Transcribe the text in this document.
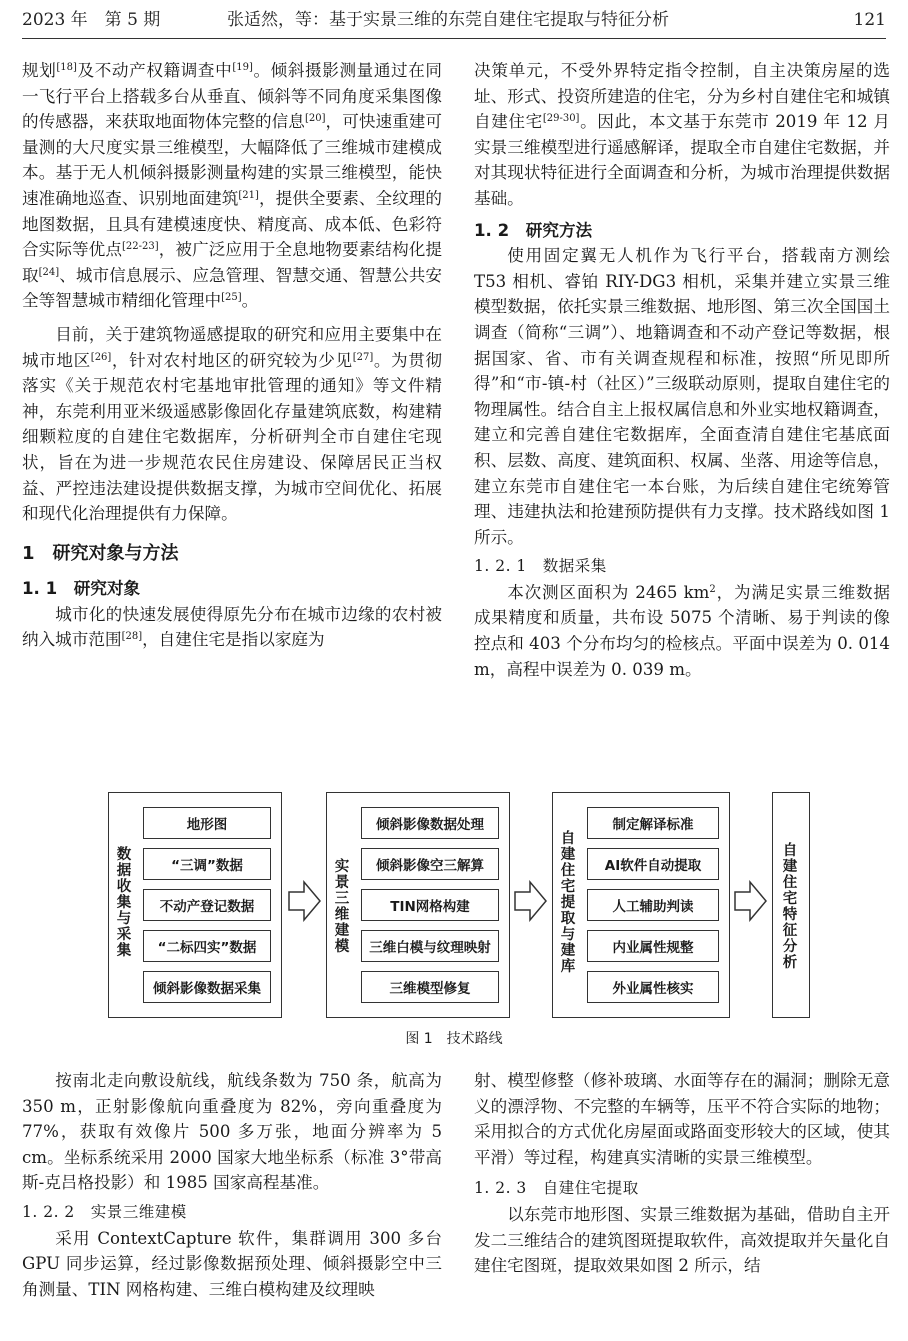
2023 年　第 5 期	张适然，等：基于实景三维的东莞自建住宅提取与特征分析	121

规划[18]及不动产权籍调查中[19]。倾斜摄影测量通过在同一飞行平台上搭载多台从垂直、倾斜等不同角度采集图像的传感器，来获取地面物体完整的信息[20]，可快速重建可量测的大尺度实景三维模型，大幅降低了三维城市建模成本。基于无人机倾斜摄影测量构建的实景三维模型，能快速准确地巡查、识别地面建筑[21]，提供全要素、全纹理的地图数据，且具有建模速度快、精度高、成本低、色彩符合实际等优点[22-23]，被广泛应用于全息地物要素结构化提取[24]、城市信息展示、应急管理、智慧交通、智慧公共安全等智慧城市精细化管理中[25]。

目前，关于建筑物遥感提取的研究和应用主要集中在城市地区[26]，针对农村地区的研究较为少见[27]。为贯彻落实《关于规范农村宅基地审批管理的通知》等文件精神，东莞利用亚米级遥感影像固化存量建筑底数，构建精细颗粒度的自建住宅数据库，分析研判全市自建住宅现状，旨在为进一步规范农民住房建设、保障居民正当权益、严控违法建设提供数据支撑，为城市空间优化、拓展和现代化治理提供有力保障。

1　研究对象与方法
1. 1　研究对象

城市化的快速发展使得原先分布在城市边缘的农村被纳入城市范围[28]，自建住宅是指以家庭为

决策单元，不受外界特定指令控制，自主决策房屋的选址、形式、投资所建造的住宅，分为乡村自建住宅和城镇自建住宅[29-30]。因此，本文基于东莞市 2019 年 12 月实景三维模型进行遥感解译，提取全市自建住宅数据，并对其现状特征进行全面调查和分析，为城市治理提供数据基础。

1. 2　研究方法

使用固定翼无人机作为飞行平台，搭载南方测绘 T53 相机、睿铂 RIY-DG3 相机，采集并建立实景三维模型数据，依托实景三维数据、地形图、第三次全国国土调查（简称“三调”）、地籍调查和不动产登记等数据，根据国家、省、市有关调查规程和标准，按照“所见即所得”和“市-镇-村（社区）”三级联动原则，提取自建住宅的物理属性。结合自主上报权属信息和外业实地权籍调查，建立和完善自建住宅数据库，全面查清自建住宅基底面积、层数、高度、建筑面积、权属、坐落、用途等信息，建立东莞市自建住宅一本台账，为后续自建住宅统筹管理、违建执法和抢建预防提供有力支撑。技术路线如图 1 所示。

1. 2. 1　数据采集

本次测区面积为 2465 $km^2$，为满足实景三维数据成果精度和质量，共布设 5075 个清晰、易于判读的像控点和 403 个分布均匀的检核点。平面中误差为 0. 014 m，高程中误差为 0. 039 m。

数据收集与采集
地形图
“三调”数据
不动产登记数据
“二标四实”数据
倾斜影像数据采集
实景三维建模
倾斜影像数据处理
倾斜影像空三解算
TIN网格构建
三维白模与纹理映射
三维模型修复
自建住宅提取与建库
制定解译标准
AI软件自动提取
人工辅助判读
内业属性规整
外业属性核实
自建住宅特征分析
图 1　技术路线

按南北走向敷设航线，航线条数为 750 条，航高为 350 m，正射影像航向重叠度为 82%，旁向重叠度为 77%，获取有效像片 500 多万张，地面分辨率为 5 cm。坐标系统采用 2000 国家大地坐标系（标准 3°带高斯-克吕格投影）和 1985 国家高程基准。

1. 2. 2　实景三维建模

采用 ContextCapture 软件，集群调用 300 多台 GPU 同步运算，经过影像数据预处理、倾斜摄影空中三角测量、TIN 网格构建、三维白模构建及纹理映

射、模型修整（修补玻璃、水面等存在的漏洞；删除无意义的漂浮物、不完整的车辆等，压平不符合实际的地物；采用拟合的方式优化房屋面或路面变形较大的区域，使其平滑）等过程，构建真实清晰的实景三维模型。

1. 2. 3　自建住宅提取

以东莞市地形图、实景三维数据为基础，借助自主开发二三维结合的建筑图斑提取软件，高效提取并矢量化自建住宅图斑，提取效果如图 2 所示，结
